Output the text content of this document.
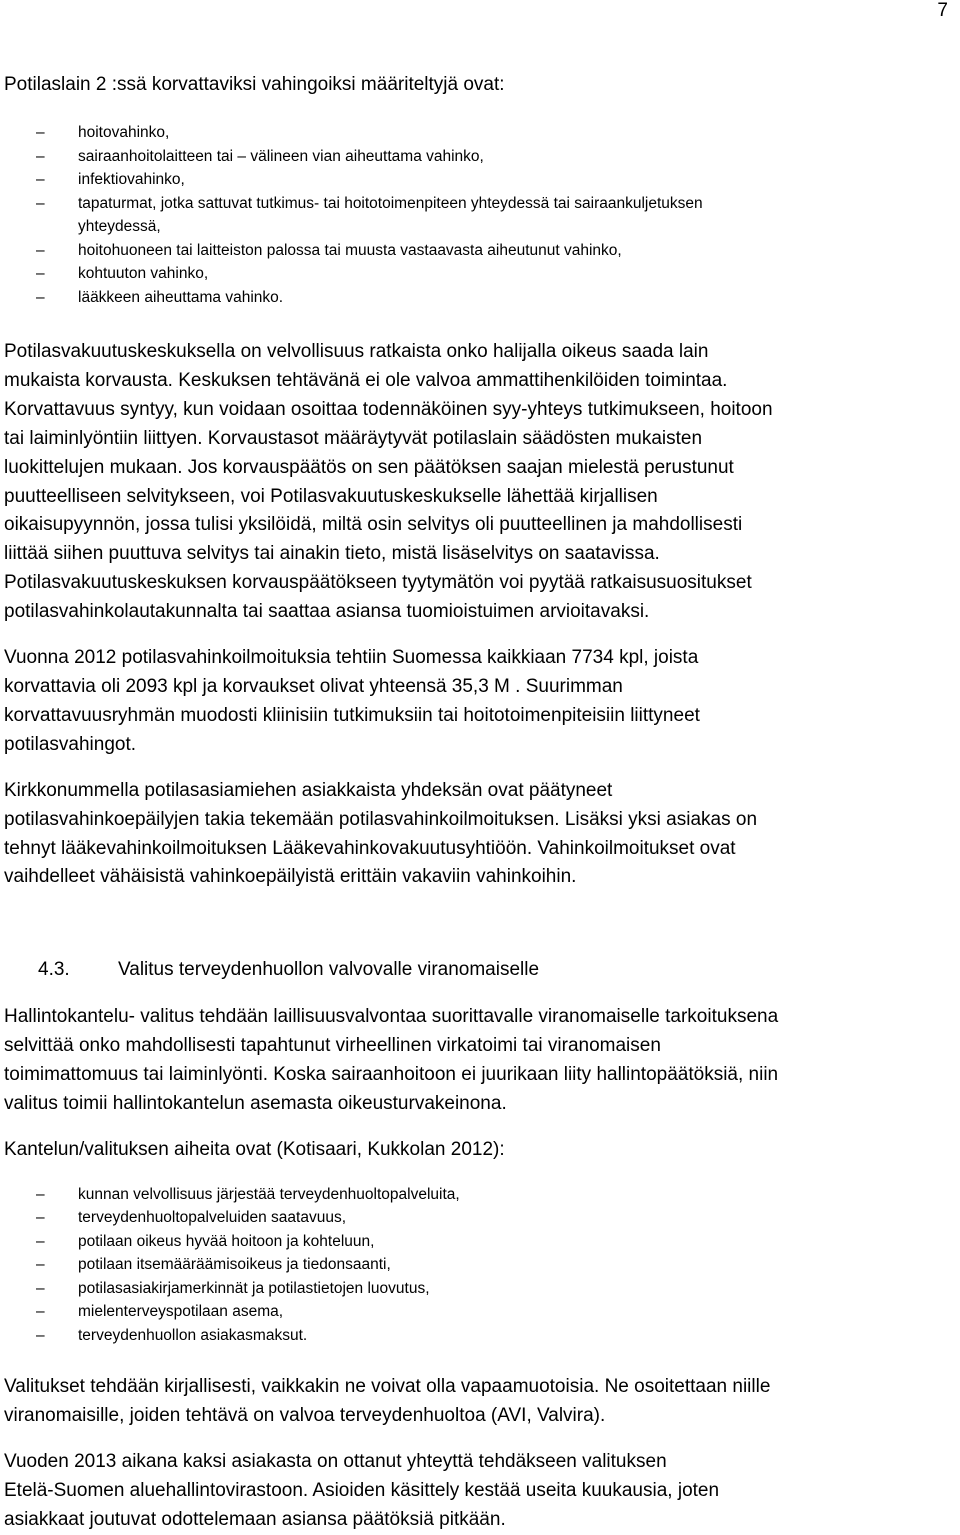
7

Potilaslain 2 :ssä korvattaviksi vahingoiksi määriteltyjä ovat:

– hoitovahinko,
– sairaanhoitolaitteen tai – välineen vian aiheuttama vahinko,
– infektiovahinko,
– tapaturmat, jotka sattuvat tutkimus- tai hoitotoimenpiteen yhteydessä tai sairaankuljetuksen
yhteydessä,
– hoitohuoneen tai laitteiston palossa tai muusta vastaavasta aiheutunut vahinko,
– kohtuuton vahinko,
– lääkkeen aiheuttama vahinko.

Potilasvakuutuskeskuksella on velvollisuus ratkaista onko halijalla oikeus saada lain

mukaista korvausta. Keskuksen tehtävänä ei ole valvoa ammattihenkilöiden toimintaa.

Korvattavuus syntyy, kun voidaan osoittaa todennäköinen syy-yhteys tutkimukseen, hoitoon

tai laiminlyöntiin liittyen. Korvaustasot määräytyvät potilaslain säädösten mukaisten

luokittelujen mukaan. Jos korvauspäätös on sen päätöksen saajan mielestä perustunut

puutteelliseen selvitykseen, voi Potilasvakuutuskeskukselle lähettää kirjallisen

oikaisupyynnön, jossa tulisi yksilöidä, miltä osin selvitys oli puutteellinen ja mahdollisesti

liittää siihen puuttuva selvitys tai ainakin tieto, mistä lisäselvitys on saatavissa.

Potilasvakuutuskeskuksen korvauspäätökseen tyytymätön voi pyytää ratkaisusuositukset

potilasvahinkolautakunnalta tai saattaa asiansa tuomioistuimen arvioitavaksi.

Vuonna 2012 potilasvahinkoilmoituksia tehtiin Suomessa kaikkiaan 7734 kpl, joista

korvattavia oli 2093 kpl ja korvaukset olivat yhteensä 35,3 M . Suurimman

korvattavuusryhmän muodosti kliinisiin tutkimuksiin tai hoitotoimenpiteisiin liittyneet

potilasvahingot.

Kirkkonummella potilasasiamiehen asiakkaista yhdeksän ovat päätyneet

potilasvahinkoepäilyjen takia tekemään potilasvahinkoilmoituksen. Lisäksi yksi asiakas on

tehnyt lääkevahinkoilmoituksen Lääkevahinkovakuutusyhtiöön. Vahinkoilmoitukset ovat

vaihdelleet vähäisistä vahinkoepäilyistä erittäin vakaviin vahinkoihin.

4.3.	Valitus terveydenhuollon valvovalle viranomaiselle

Hallintokantelu- valitus tehdään laillisuusvalvontaa suorittavalle viranomaiselle tarkoituksena

selvittää onko mahdollisesti tapahtunut virheellinen virkatoimi tai viranomaisen

toimimattomuus tai laiminlyönti. Koska sairaanhoitoon ei juurikaan liity hallintopäätöksiä, niin

valitus toimii hallintokantelun asemasta oikeusturvakeinona.

Kantelun/valituksen aiheita ovat (Kotisaari, Kukkolan 2012):

– kunnan velvollisuus järjestää terveydenhuoltopalveluita,
– terveydenhuoltopalveluiden saatavuus,
– potilaan oikeus hyvää hoitoon ja kohteluun,
– potilaan itsemääräämisoikeus ja tiedonsaanti,
– potilasasiakirjamerkinnät ja potilastietojen luovutus,
– mielenterveyspotilaan asema,
– terveydenhuollon asiakasmaksut.

Valitukset tehdään kirjallisesti, vaikkakin ne voivat olla vapaamuotoisia. Ne osoitettaan niille

viranomaisille, joiden tehtävä on valvoa terveydenhuoltoa (AVI, Valvira).

Vuoden 2013 aikana kaksi asiakasta on ottanut yhteyttä tehdäkseen valituksen

Etelä-Suomen aluehallintovirastoon. Asioiden käsittely kestää useita kuukausia, joten

asiakkaat joutuvat odottelemaan asiansa päätöksiä pitkään.
